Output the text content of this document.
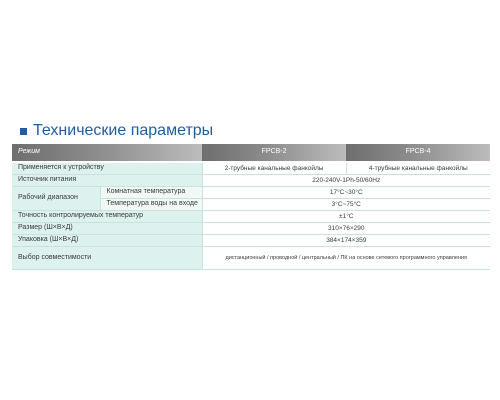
Технические параметры
Режим		FPCB-2	FPCB-4

Применяется к устройству		2-трубные канальные фанкойлы	4-трубные канальные фанкойлы
Источник питания		220-240V-1Ph-50/60Hz	
Рабочий диапазон	Комнатная температура	17°C~30°C	
	Температура воды на входе	3°C~75°C	
Точность контролируемых температур		±1°C	
Размер (Ш×В×Д)		310×76×290	
Упаковка (Ш×В×Д)		384×174×359	
Выбор совместимости		дистанционный / проводной / центральный / ПК на основе сетевого программного управления	
